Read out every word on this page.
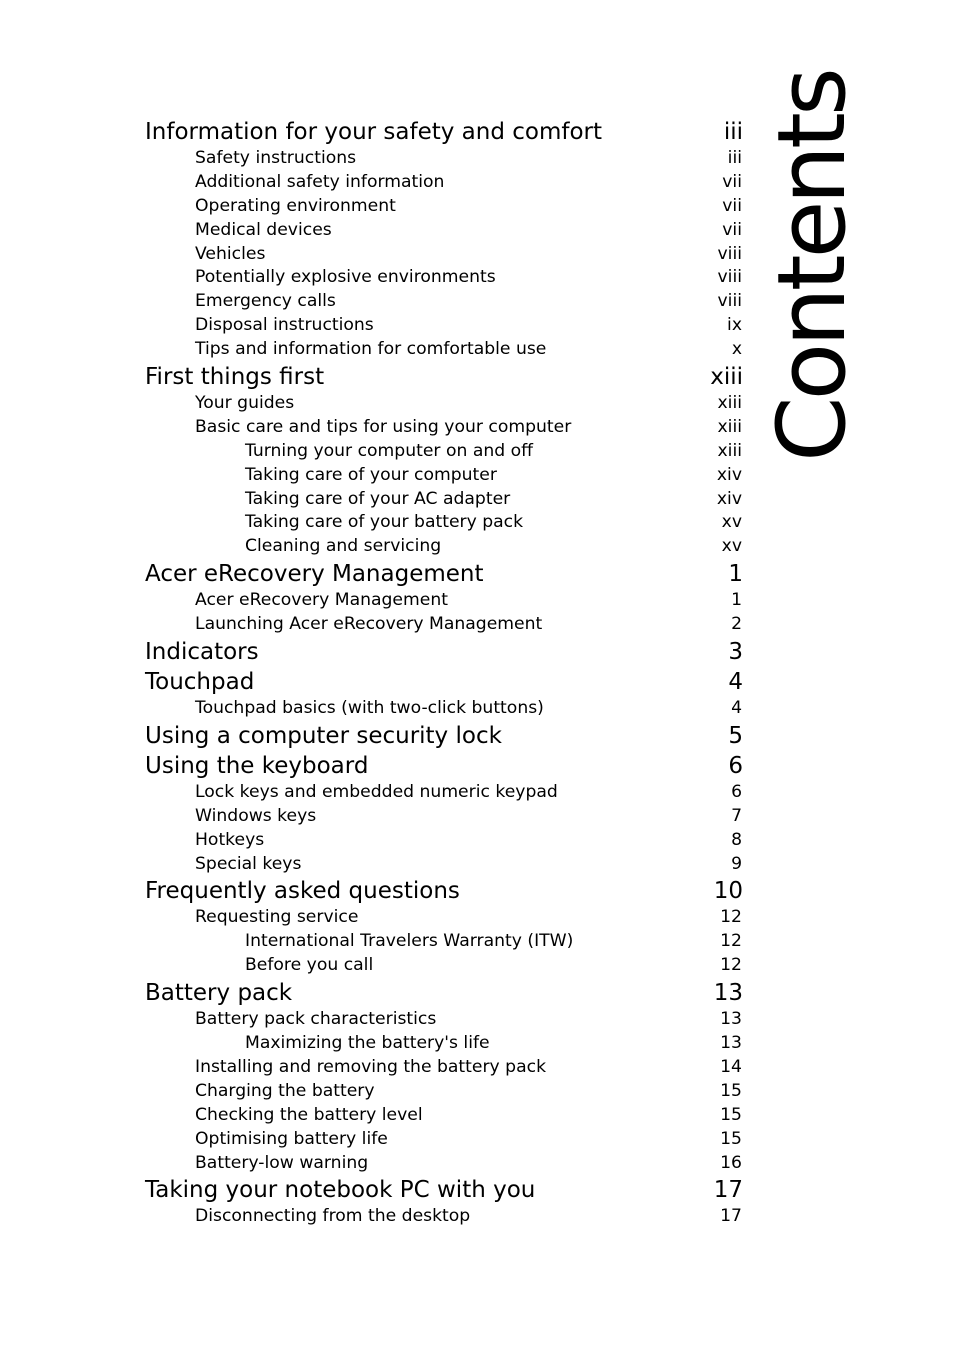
Contents
Information for your safety and comfort	iii
Safety instructions	iii
Additional safety information	vii
Operating environment	vii
Medical devices	vii
Vehicles	viii
Potentially explosive environments	viii
Emergency calls	viii
Disposal instructions	ix
Tips and information for comfortable use	x
First things first	xiii
Your guides	xiii
Basic care and tips for using your computer	xiii
Turning your computer on and off	xiii
Taking care of your computer	xiv
Taking care of your AC adapter	xiv
Taking care of your battery pack	xv
Cleaning and servicing	xv
Acer eRecovery Management	1
Acer eRecovery Management	1
Launching Acer eRecovery Management	2
Indicators	3
Touchpad	4
Touchpad basics (with two-click buttons)	4
Using a computer security lock	5
Using the keyboard	6
Lock keys and embedded numeric keypad	6
Windows keys	7
Hotkeys	8
Special keys	9
Frequently asked questions	10
Requesting service	12
International Travelers Warranty (ITW)	12
Before you call	12
Battery pack	13
Battery pack characteristics	13
Maximizing the battery's life	13
Installing and removing the battery pack	14
Charging the battery	15
Checking the battery level	15
Optimising battery life	15
Battery-low warning	16
Taking your notebook PC with you	17
Disconnecting from the desktop	17
